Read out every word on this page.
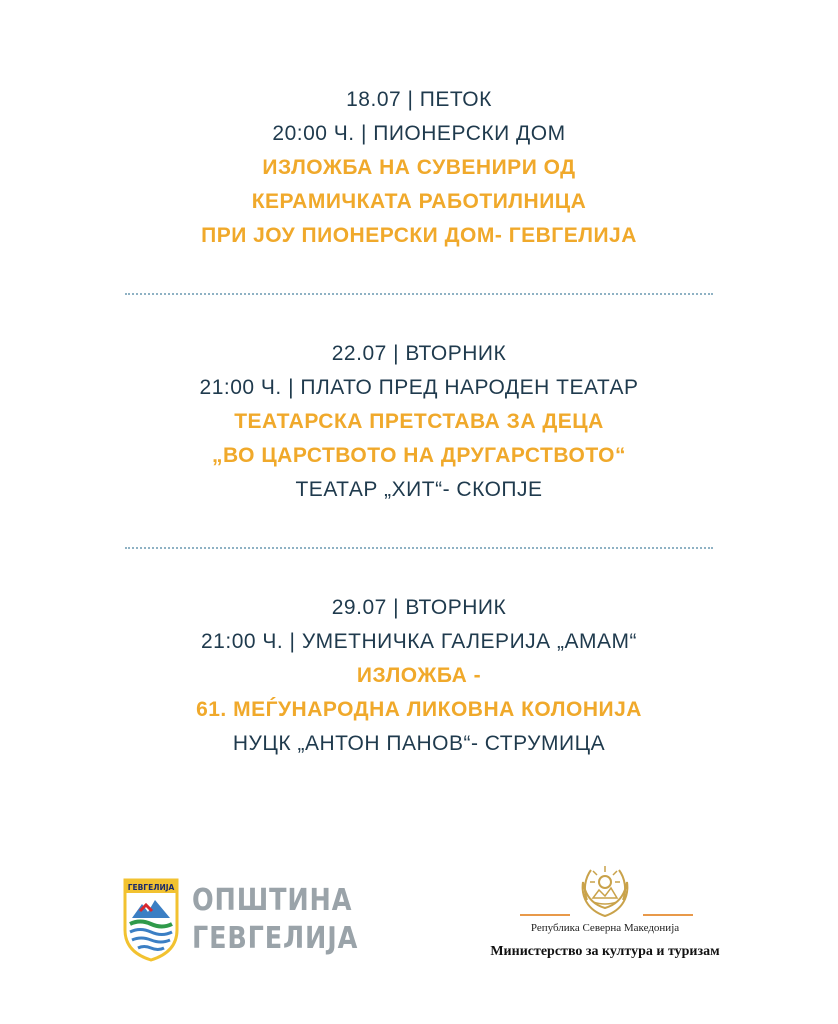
18.07 | ПЕТОК
20:00 Ч. | ПИОНЕРСКИ ДОМ
ИЗЛОЖБА НА СУВЕНИРИ ОД
КЕРАМИЧКАТА РАБОТИЛНИЦА
ПРИ ЈОУ ПИОНЕРСКИ ДОМ- ГЕВГЕЛИЈА
22.07 | ВТОРНИК
21:00 Ч. | ПЛАТО ПРЕД НАРОДЕН ТЕАТАР
ТЕАТАРСКА ПРЕТСТАВА ЗА ДЕЦА
„ВО ЦАРСТВОТО НА ДРУГАРСТВОТО“
ТЕАТАР „ХИТ“- СКОПЈЕ
29.07 | ВТОРНИК
21:00 Ч. | УМЕТНИЧКА ГАЛЕРИЈА „АМАМ“
ИЗЛОЖБА -
61. МЕЃУНАРОДНА ЛИКОВНА КОЛОНИЈА
НУЦК „АНТОН ПАНОВ“- СТРУМИЦА
ГЕВГЕЛИЈА ОПШТИНА
ГЕВГЕЛИЈА	Република Северна Македонија
Министерство за култура и туризам
